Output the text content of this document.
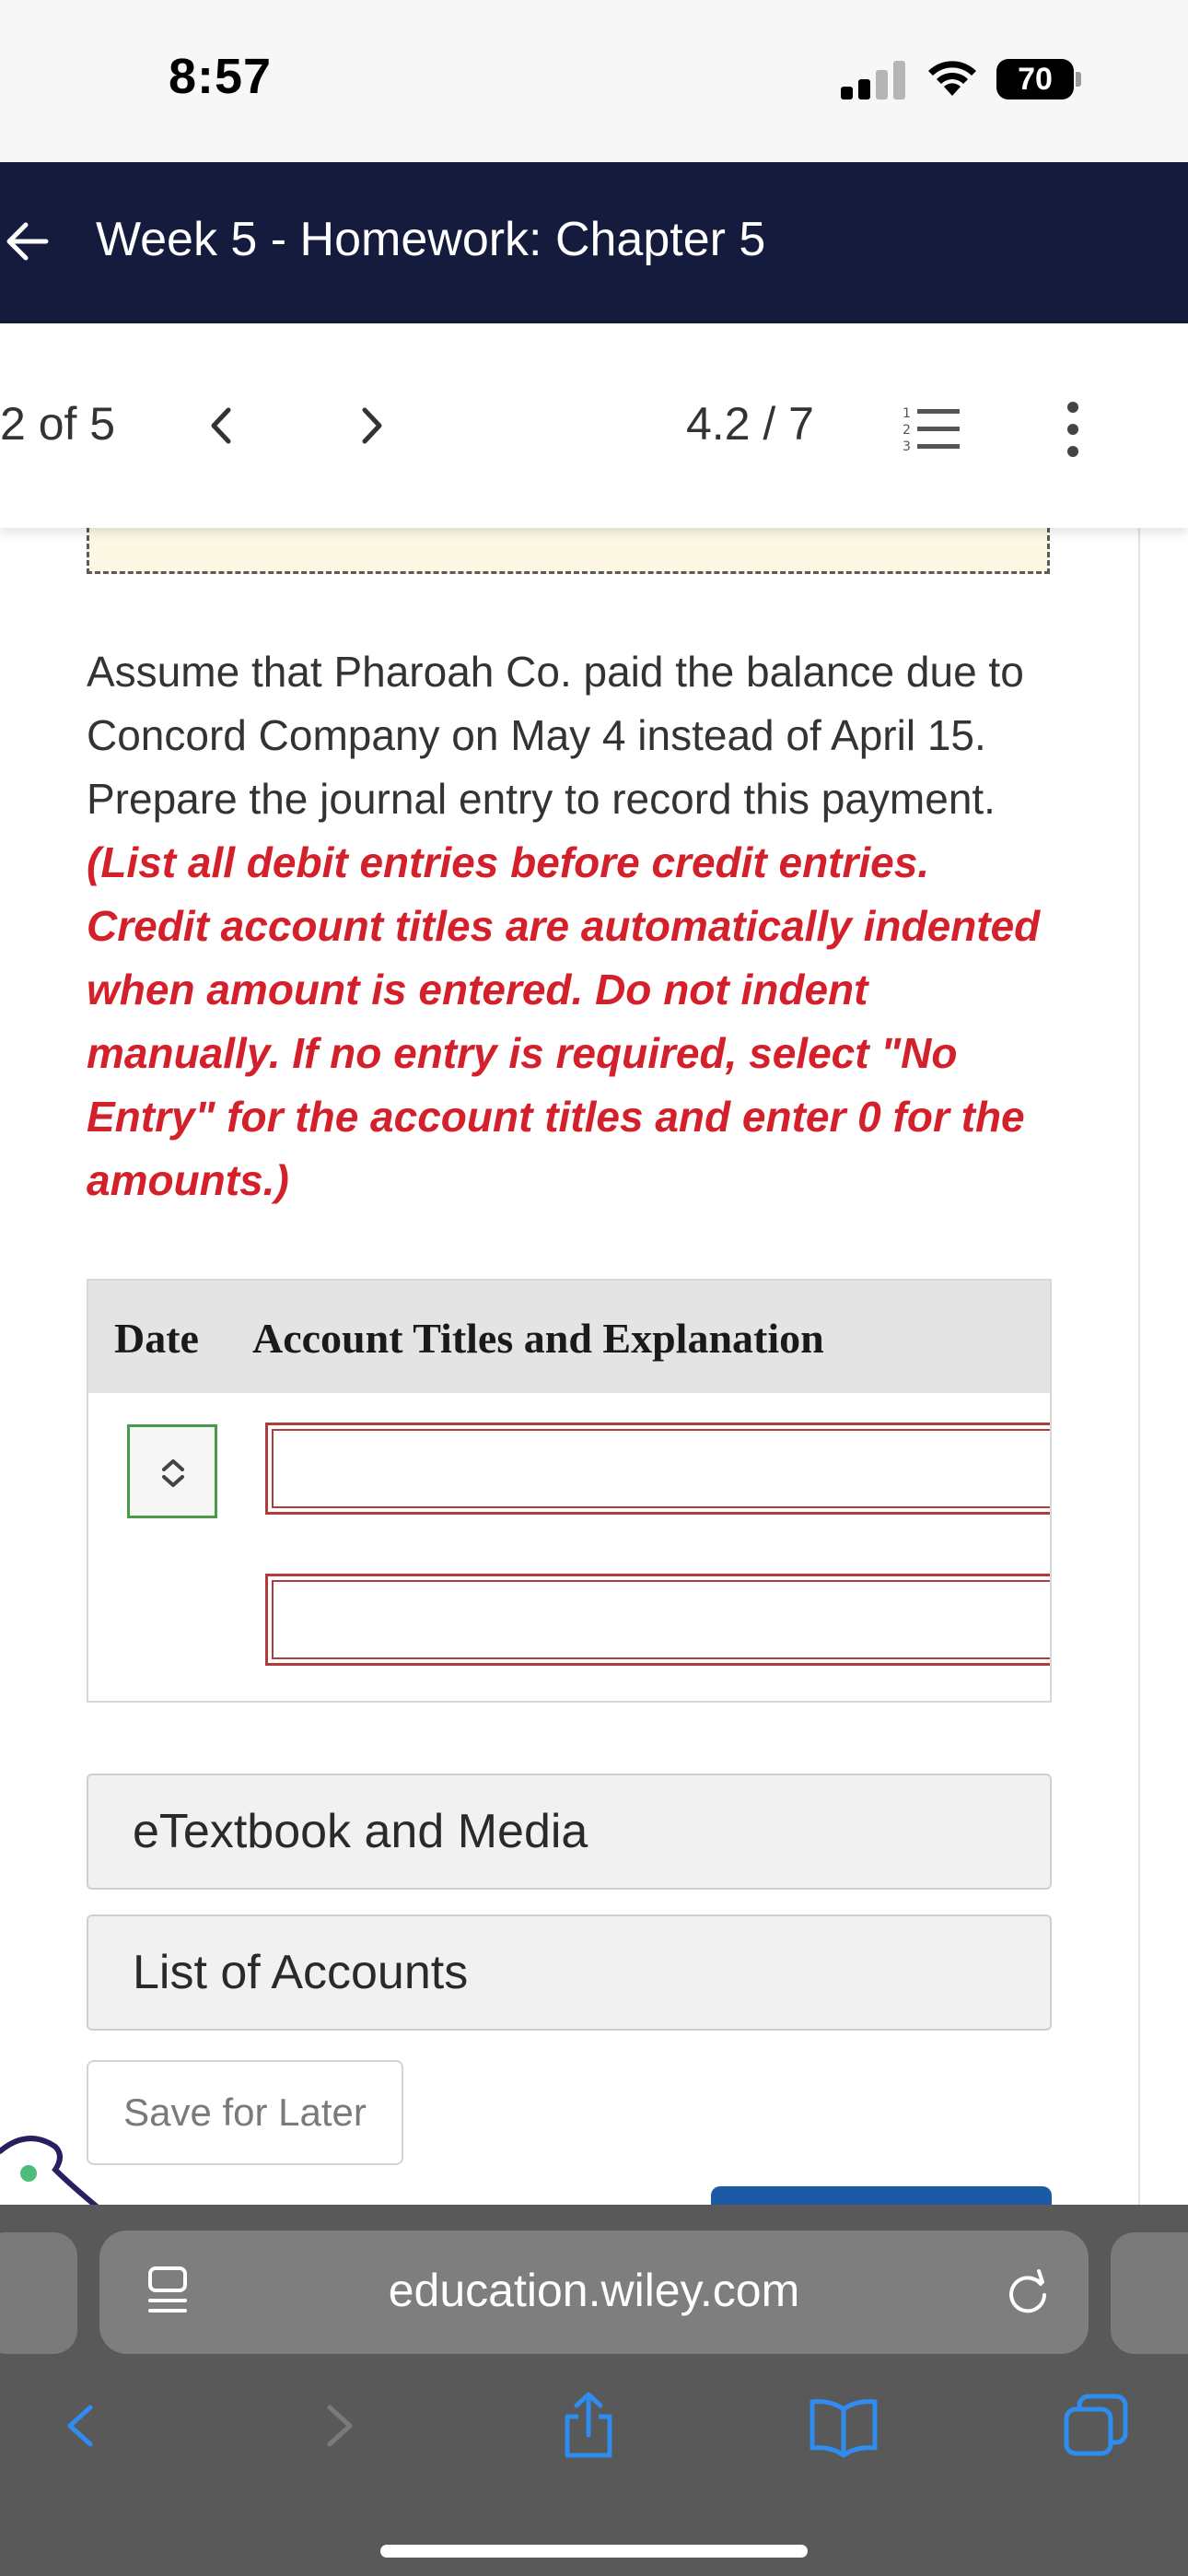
8:57	70
Week 5 - Homework: Chapter 5
2 of 5	4.2 / 7	1
2
3

Assume that Pharoah Co. paid the balance due to Concord Company on May 4 instead of April 15. Prepare the journal entry to record this payment. (List all debit entries before credit entries. Credit account titles are automatically indented when amount is entered. Do not indent manually. If no entry is required, select "No Entry" for the account titles and enter 0 for the amounts.)

Date Account Titles and Explanation
eTextbook and Media
List of Accounts
Save for Later
education.wiley.com
